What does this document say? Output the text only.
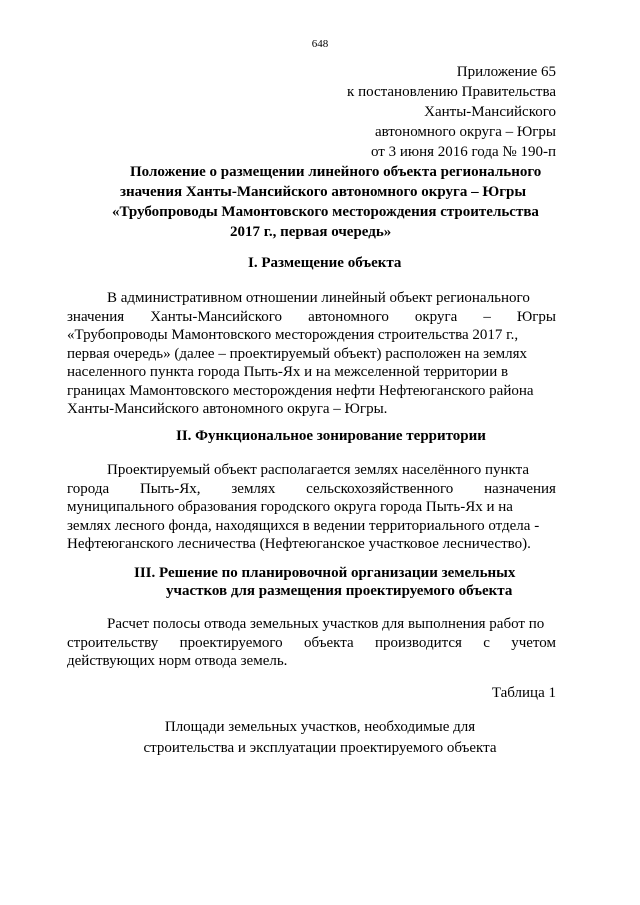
648
Приложение 65
к постановлению Правительства
Ханты-Мансийского
автономного округа – Югры
от 3 июня 2016 года № 190-п
Положение о размещении линейного объекта регионального
значения Ханты-Мансийского автономного округа – Югры
«Трубопроводы Мамонтовского месторождения строительства
2017 г., первая очередь»
I. Размещение объекта
В административном отношении линейный объект регионального
значения Ханты-Мансийского автономного округа – Югры
«Трубопроводы Мамонтовского месторождения строительства 2017 г.,
первая очередь» (далее – проектируемый объект) расположен на землях
населенного пункта города Пыть-Ях и на межселенной территории в
границах Мамонтовского месторождения нефти Нефтеюганского района
Ханты-Мансийского автономного округа – Югры.
II. Функциональное зонирование территории
Проектируемый объект располагается землях населённого пункта
города Пыть-Ях, землях сельскохозяйственного назначения
муниципального образования городского округа города Пыть-Ях и на
землях лесного фонда, находящихся в ведении территориального отдела -
Нефтеюганского лесничества (Нефтеюганское участковое лесничество).
III. Решение по планировочной организации земельных
участков для размещения проектируемого объекта
Расчет полосы отвода земельных участков для выполнения работ по
строительству проектируемого объекта производится с учетом
действующих норм отвода земель.
Таблица 1
Площади земельных участков, необходимые для
строительства и эксплуатации проектируемого объекта
